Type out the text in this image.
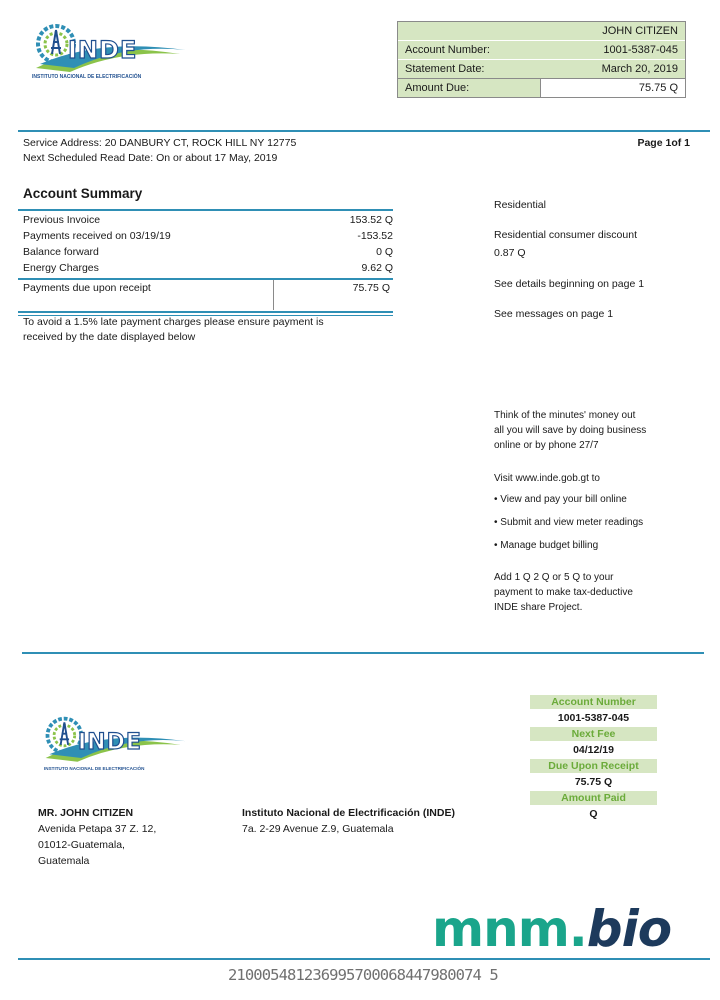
INDE
INSTITUTO NACIONAL DE ELECTRIFICACIÓN
JOHN CITIZEN
Account Number:	1001-5387-045
Statement Date:	March 20, 2019
Amount Due:	75.75 Q
Service Address: 20 DANBURY CT, ROCK HILL NY 12775
Next Scheduled Read Date: On or about 17 May, 2019
Page 1of 1
Account Summary
Previous Invoice	153.52 Q
Payments received on 03/19/19	-153.52
Balance forward	0 Q
Energy Charges	9.62 Q
Payments due upon receipt	75.75 Q
To avoid a 1.5% late payment charges please ensure payment is
received by the date displayed below
Residential
Residential consumer discount
0.87 Q
See details beginning on page 1
See messages on page 1
Think of the minutes' money out
all you will save by doing business
online or by phone 27/7
Visit www.inde.gob.gt to
• View and pay your bill online
• Submit and view meter readings
• Manage budget billing
Add 1 Q 2 Q or 5 Q to your
payment to make tax-deductive
INDE share Project.
INDE
INSTITUTO NACIONAL DE ELECTRIFICACIÓN
MR. JOHN CITIZEN
Avenida Petapa 37 Z. 12,
01012-Guatemala,
Guatemala
Instituto Nacional de Electrificación (INDE)
7a. 2-29 Avenue Z.9, Guatemala
Account Number
1001-5387-045
Next Fee
04/12/19
Due Upon Receipt
75.75 Q
Amount Paid
Q
mnm.bio
210005481236995700068447980074 5
